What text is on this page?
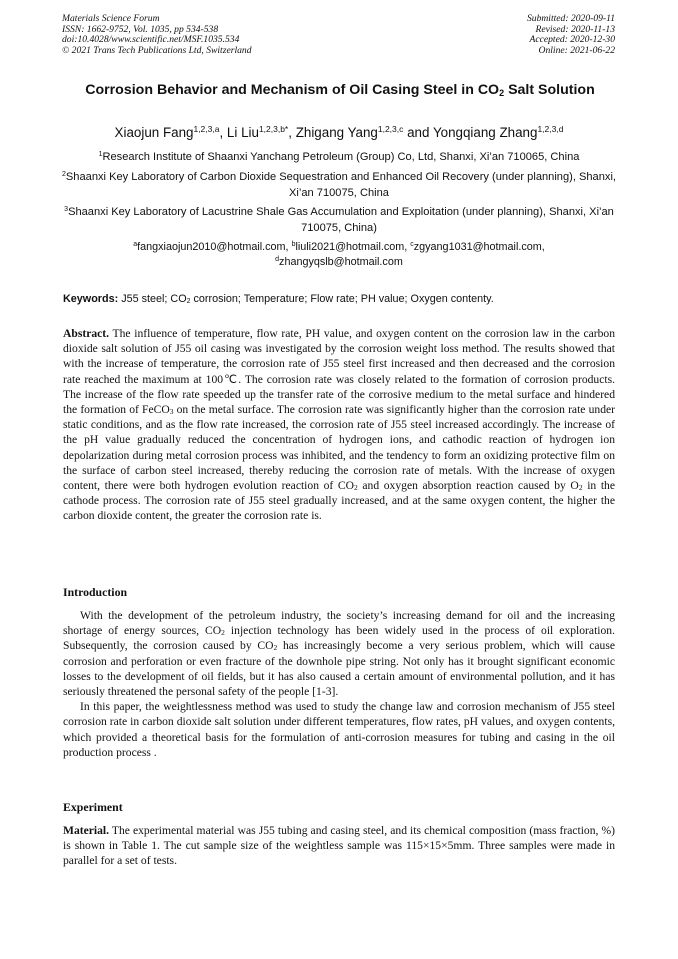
Materials Science Forum
ISSN: 1662-9752, Vol. 1035, pp 534-538
doi:10.4028/www.scientific.net/MSF.1035.534
© 2021 Trans Tech Publications Ltd, Switzerland
Submitted: 2020-09-11
Revised: 2020-11-13
Accepted: 2020-12-30
Online: 2021-06-22
Corrosion Behavior and Mechanism of Oil Casing Steel in $CO_2$ Salt Solution
Xiaojun Fang$^{1,2,3,a}$, Li Liu$^{1,2,3,b*}$, Zhigang Yang$^{1,2,3,c}$ and Yongqiang Zhang$^{1,2,3,d}$
$^1$Research Institute of Shaanxi Yanchang Petroleum (Group) Co, Ltd, Shanxi, Xi’an 710065, China
$^2$Shaanxi Key Laboratory of Carbon Dioxide Sequestration and Enhanced Oil Recovery (under planning), Shanxi, Xi’an 710075, China
$^3$Shaanxi Key Laboratory of Lacustrine Shale Gas Accumulation and Exploitation (under planning), Shanxi, Xi’an 710075, China)
$^a$fangxiaojun2010@hotmail.com, $^b$liuli2021@hotmail.com, $^c$zgyang1031@hotmail.com,
$^d$zhangyqslb@hotmail.com
Keywords: J55 steel; $CO_2$ corrosion; Temperature; Flow rate; PH value; Oxygen contenty.

Abstract. The influence of temperature, flow rate, PH value, and oxygen content on the corrosion law in the carbon dioxide salt solution of J55 oil casing was investigated by the corrosion weight loss method. The results showed that with the increase of temperature, the corrosion rate of J55 steel first increased and then decreased and the corrosion rate reached the maximum at 100℃. The corrosion rate was closely related to the formation of corrosion products. The increase of the flow rate speeded up the transfer rate of the corrosive medium to the metal surface and hindered the formation of FeCO$_3$ on the metal surface. The corrosion rate was significantly higher than the corrosion rate under static conditions, and as the flow rate increased, the corrosion rate of J55 steel increased accordingly. The increase of the pH value gradually reduced the concentration of hydrogen ions, and cathodic reaction of hydrogen ion depolarization during metal corrosion process was inhibited, and the tendency to form an oxidizing protective film on the surface of carbon steel increased, thereby reducing the corrosion rate of metals. With the increase of oxygen content, there were both hydrogen evolution reaction of $CO_2$ and oxygen absorption reaction caused by $O_2$ in the cathode process. The corrosion rate of J55 steel gradually increased, and at the same oxygen content, the higher the carbon dioxide content, the greater the corrosion rate is.

Introduction

With the development of the petroleum industry, the society’s increasing demand for oil and the increasing shortage of energy sources, $CO_2$ injection technology has been widely used in the process of oil exploration. Subsequently, the corrosion caused by $CO_2$ has increasingly become a very serious problem, which will cause corrosion and perforation or even fracture of the downhole pipe string. Not only has it brought significant economic losses to the development of oil fields, but it has also caused a certain amount of environmental pollution, and it has seriously threatened the personal safety of the people [1-3].

In this paper, the weightlessness method was used to study the change law and corrosion mechanism of J55 steel corrosion rate in carbon dioxide salt solution under different temperatures, flow rates, pH values, and oxygen contents, which provided a theoretical basis for the formulation of anti-corrosion measures for tubing and casing in the oil production process .

Experiment

Material. The experimental material was J55 tubing and casing steel, and its chemical composition (mass fraction, %) is shown in Table 1. The cut sample size of the weightless sample was 115×15×5mm. Three samples were made in parallel for a set of tests.
